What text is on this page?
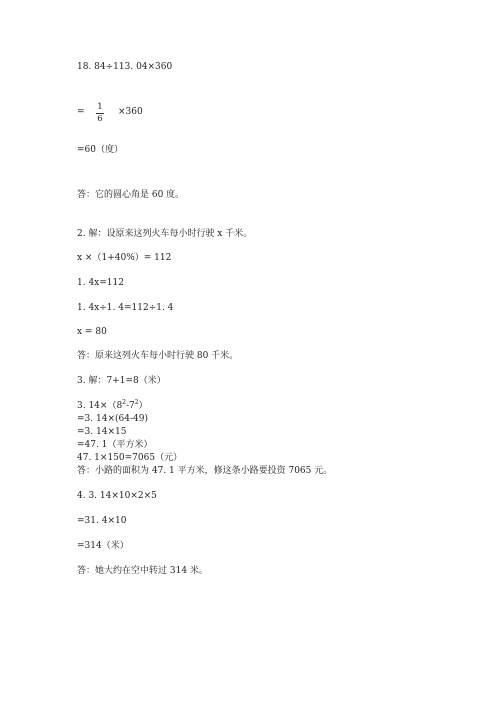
18. 84÷113. 04×360
= 1
6
×360
=60（度）
答：它的圆心角是 60 度。
2. 解：设原来这列火车每小时行驶 x 千米。
x ×（1+40%）= 112
1. 4x=112
1. 4x÷1. 4=112÷1. 4
x = 80
答：原来这列火车每小时行驶 80 千米。
3. 解：7+1=8（米）
3. $14\times(8^2-7^2)$
=3. 14×(64-49)
=3. 14×15
=47. 1（平方米）
47. 1×150=7065（元）
答：小路的面积为 47. 1 平方米，修这条小路要投资 7065 元。
4. 3. 14×10×2×5
=31. 4×10
=314（米）
答：她大约在空中转过 314 米。
